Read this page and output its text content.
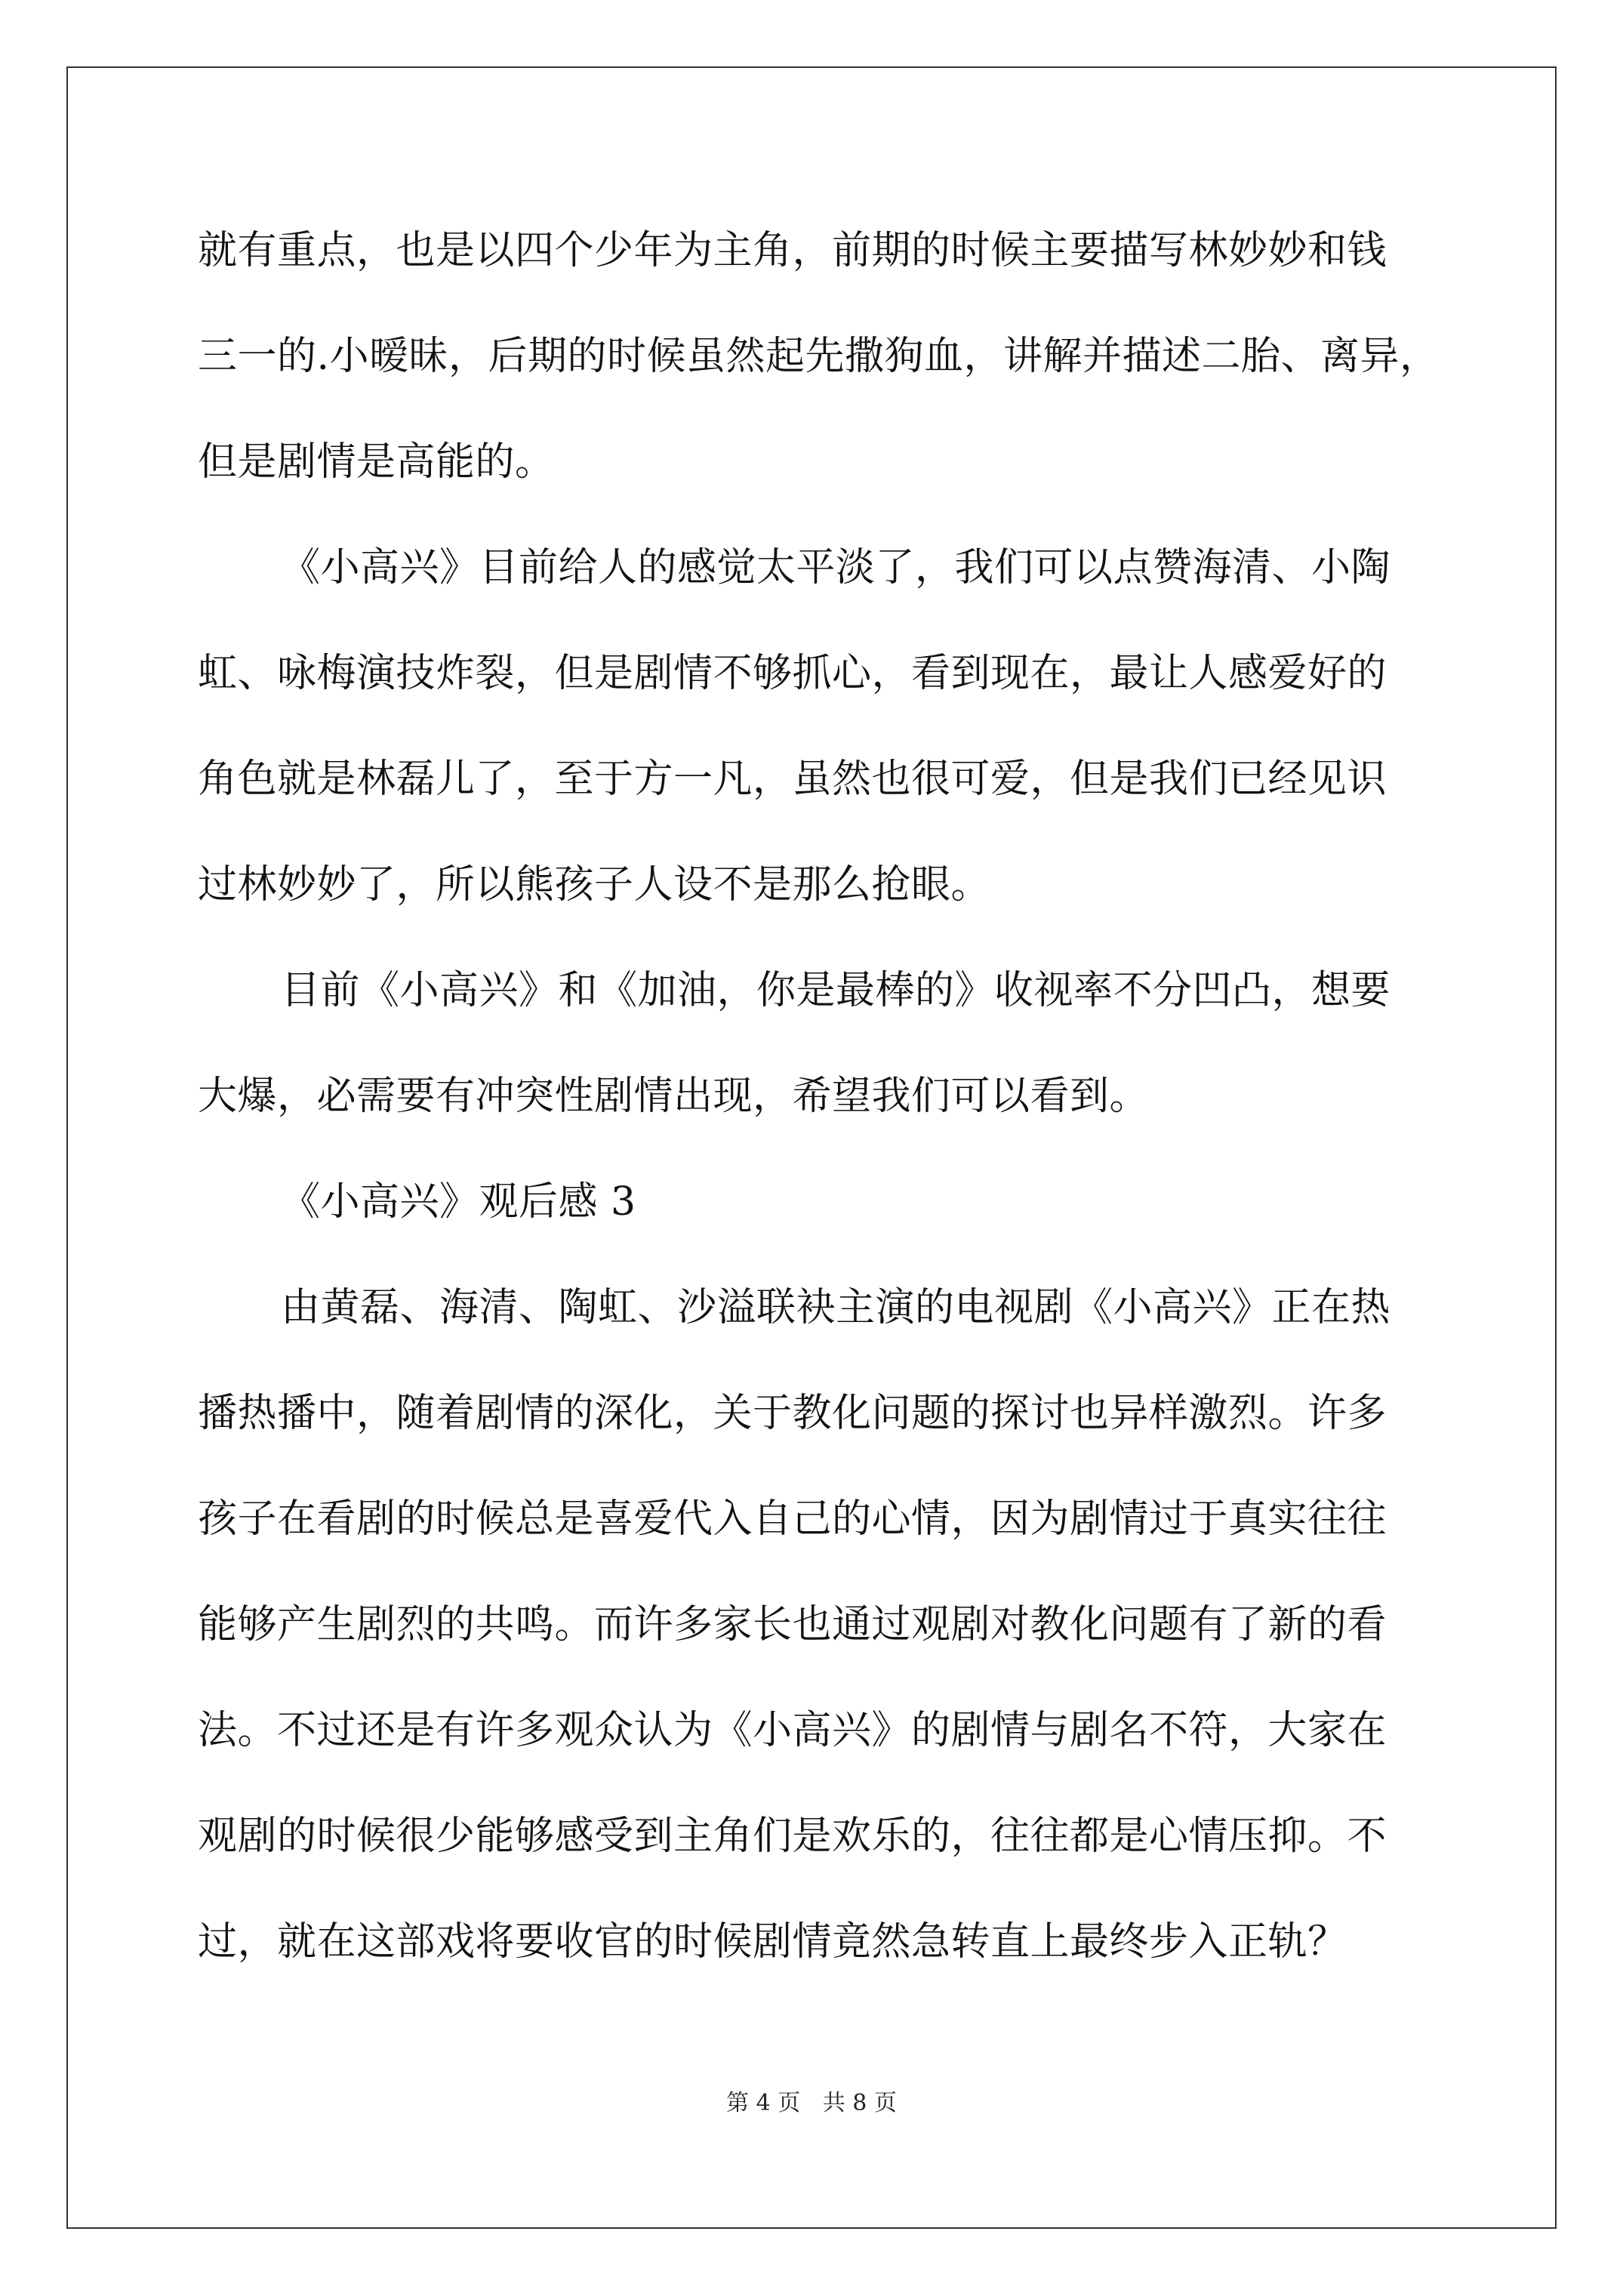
就有重点，也是以四个少年为主角，前期的时候主要描写林妙妙和钱
三一的.小暧昧，后期的时候虽然起先撒狗血，讲解并描述二胎、离异，
但是剧情是高能的。
《小高兴》目前给人的感觉太平淡了，我们可以点赞海清、小陶
虹、咏梅演技炸裂，但是剧情不够抓心，看到现在，最让人感爱好的
角色就是林磊儿了，至于方一凡，虽然也很可爱，但是我们已经见识
过林妙妙了，所以熊孩子人设不是那么抢眼。
目前《小高兴》和《加油，你是最棒的》收视率不分凹凸，想要
大爆，必需要有冲突性剧情出现，希望我们可以看到。
《小高兴》观后感 3
由黄磊、海清、陶虹、沙溢联袂主演的电视剧《小高兴》正在热
播热播中，随着剧情的深化，关于教化问题的探讨也异样激烈。许多
孩子在看剧的时候总是喜爱代入自己的心情，因为剧情过于真实往往
能够产生剧烈的共鸣。而许多家长也通过观剧对教化问题有了新的看
法。不过还是有许多观众认为《小高兴》的剧情与剧名不符，大家在
观剧的时候很少能够感受到主角们是欢乐的，往往都是心情压抑。不
过，就在这部戏将要收官的时候剧情竟然急转直上最终步入正轨？
第 4 页 共 8 页
